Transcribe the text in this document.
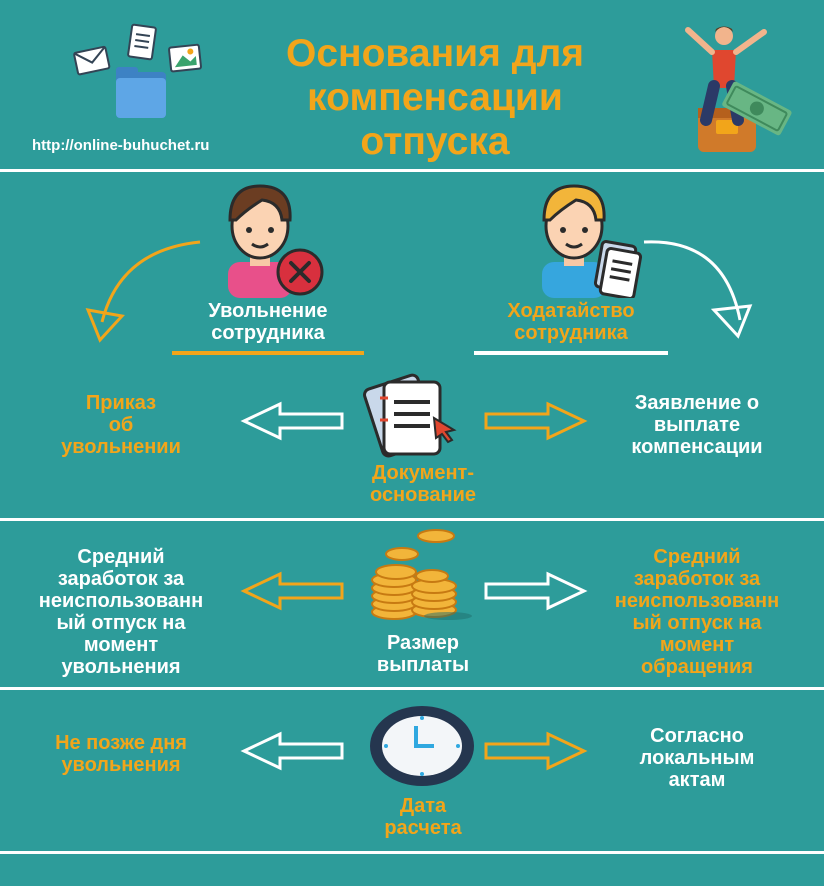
Основания для
компенсации
отпуска
http://online-buhuchet.ru
Увольнение
сотрудника
Ходатайство
сотрудника
Приказ
об
увольнении
Заявление о
выплате
компенсации
Документ-
основание
Средний
заработок за
неиспользованн
ый отпуск на
момент
увольнения
Средний
заработок за
неиспользованн
ый отпуск на
момент
обращения
Размер
выплаты
Не позже дня
увольнения
Согласно
локальным
актам
Дата
расчета
